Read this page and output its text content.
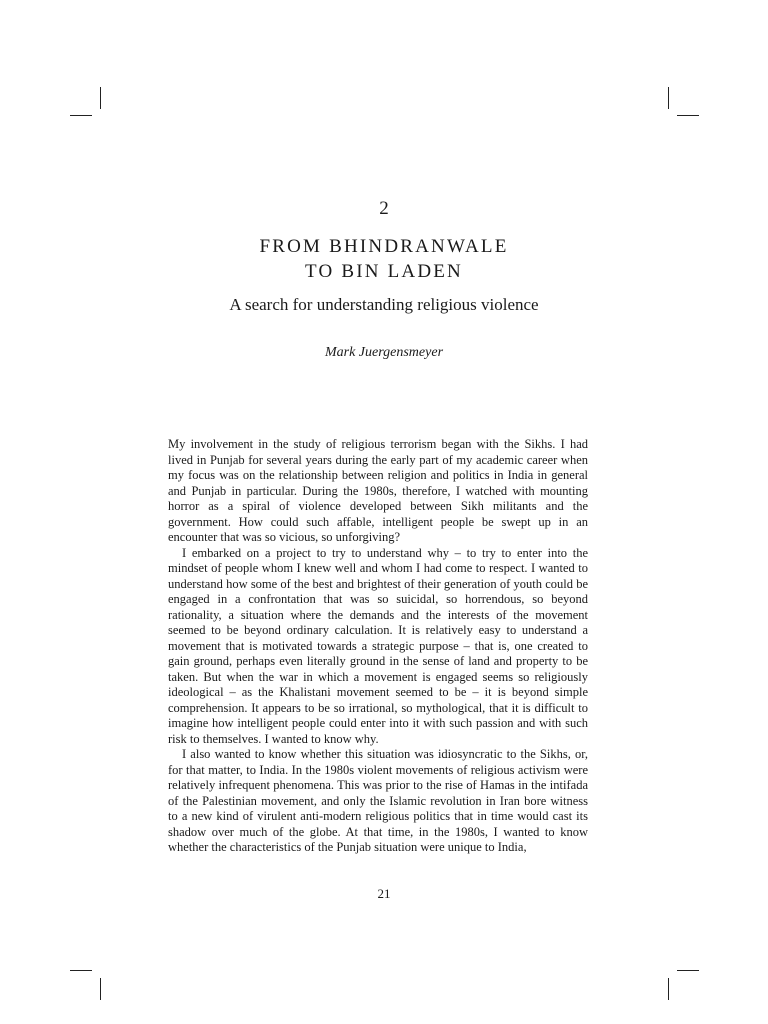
2
FROM BHINDRANWALE
TO BIN LADEN
A search for understanding religious violence
Mark Juergensmeyer

My involvement in the study of religious terrorism began with the Sikhs. I had lived in Punjab for several years during the early part of my academic career when my focus was on the relationship between religion and politics in India in general and Punjab in particular. During the 1980s, therefore, I watched with mounting horror as a spiral of violence developed between Sikh militants and the government. How could such affable, intelligent people be swept up in an encounter that was so vicious, so unforgiving?

I embarked on a project to try to understand why – to try to enter into the mindset of people whom I knew well and whom I had come to respect. I wanted to understand how some of the best and brightest of their generation of youth could be engaged in a confrontation that was so suicidal, so horrendous, so beyond rationality, a situation where the demands and the interests of the movement seemed to be beyond ordinary calculation. It is relatively easy to understand a movement that is motivated towards a strategic purpose – that is, one created to gain ground, perhaps even literally ground in the sense of land and property to be taken. But when the war in which a movement is engaged seems so religiously ideological – as the Khalistani movement seemed to be – it is beyond simple comprehension. It appears to be so irrational, so mythological, that it is difficult to imagine how intelligent people could enter into it with such passion and with such risk to themselves. I wanted to know why.

I also wanted to know whether this situation was idiosyncratic to the Sikhs, or, for that matter, to India. In the 1980s violent movements of religious activism were relatively infrequent phenomena. This was prior to the rise of Hamas in the intifada of the Palestinian movement, and only the Islamic revolution in Iran bore witness to a new kind of virulent anti-modern religious politics that in time would cast its shadow over much of the globe. At that time, in the 1980s, I wanted to know whether the characteristics of the Punjab situation were unique to India,

21
